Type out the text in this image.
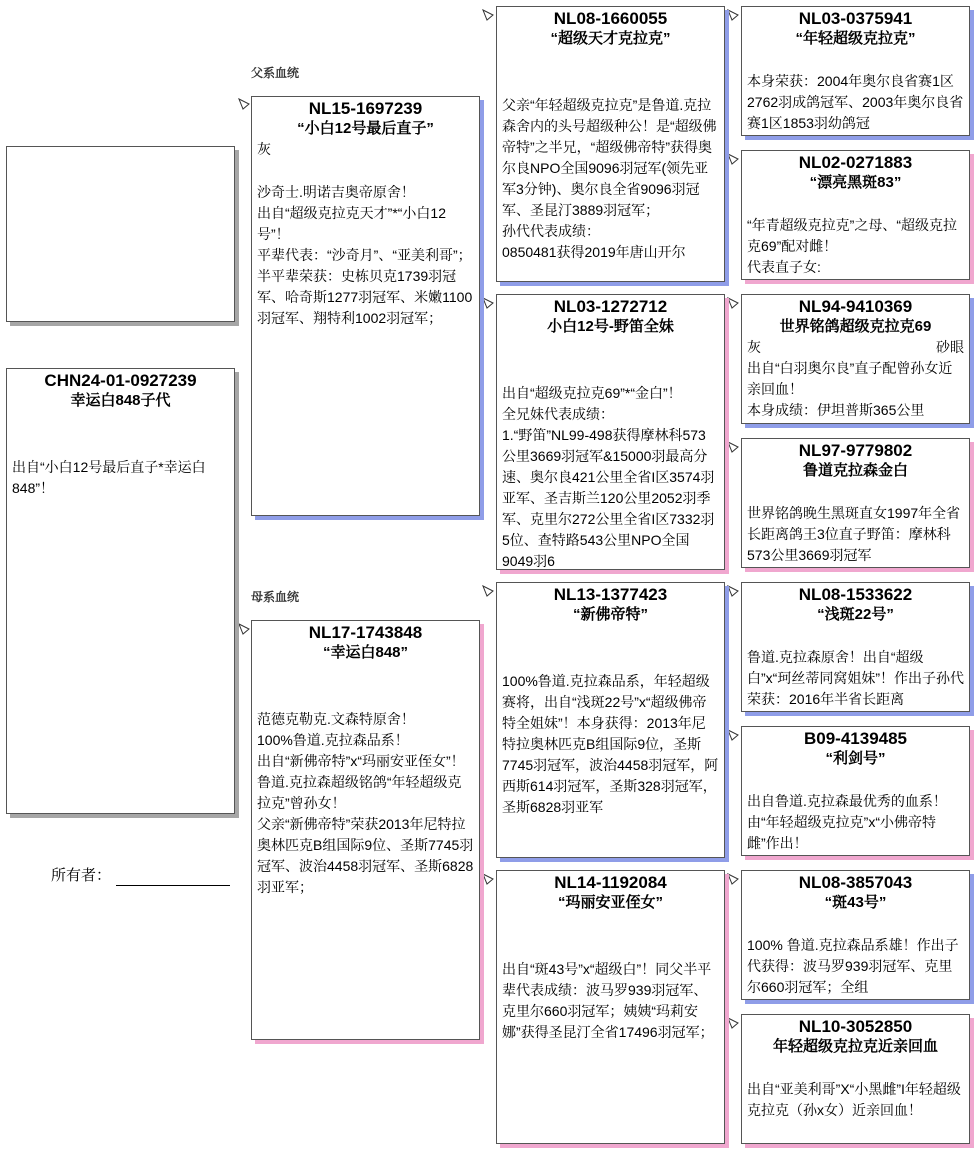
CHN24-01-0927239
幸运白848子代
出自“小白12号最后直子*幸运白848”！
所有者：
父系血统
母系血统
NL15-1697239
“小白12号最后直子”
灰
沙奇士.明诺吉奥帝原舍！
出自“超级克拉克天才”*“小白12号”！
平辈代表：“沙奇月”、“亚美利哥”；
半平辈荣获：史栋贝克1739羽冠军、哈奇斯1277羽冠军、米嫩1100羽冠军、翔特利1002羽冠军；
NL17-1743848
“幸运白848”
范德克勒克.文森特原舍！
100%鲁道.克拉森品系！
出自“新佛帝特”x“玛丽安亚侄女”！
鲁道.克拉森超级铭鸽“年轻超级克拉克”曾孙女！
父亲“新佛帝特”荣获2013年尼特拉奥林匹克B组国际9位、圣斯7745羽冠军、波治4458羽冠军、圣斯6828羽亚军；
NL08-1660055
“超级天才克拉克”
父亲“年轻超级克拉克”是鲁道.克拉森舍内的头号超级种公！是“超级佛帝特”之半兄，“超级佛帝特”获得奥尔良NPO全国9096羽冠军(领先亚军3分钟)、奥尔良全省9096羽冠军、圣昆汀3889羽冠军；
孙代代表成绩：
0850481获得2019年唐山开尔
NL03-1272712
小白12号-野笛全妹
出自“超级克拉克69”*“金白”！
全兄妹代表成绩：
1.“野笛”NL99-498获得摩林科573公里3669羽冠军&15000羽最高分速、奥尔良421公里全省I区3574羽亚军、圣吉斯兰120公里2052羽季军、克里尔272公里全省I区7332羽5位、查特路543公里NPO全国9049羽6
NL13-1377423
“新佛帝特”
100%鲁道.克拉森品系，年轻超级赛将，出自“浅斑22号”x“超级佛帝特全姐妹”！本身获得：2013年尼特拉奥林匹克B组国际9位，圣斯7745羽冠军，波治4458羽冠军，阿西斯614羽冠军，圣斯328羽冠军，圣斯6828羽亚军
NL14-1192084
“玛丽安亚侄女”
出自“斑43号”x“超级白”！同父半平辈代表成绩：波马罗939羽冠军、克里尔660羽冠军；姨姨“玛莉安娜”获得圣昆汀全省17496羽冠军；
NL03-0375941
“年轻超级克拉克”
本身荣获：2004年奥尔良省赛1区2762羽成鸽冠军、2003年奥尔良省赛1区1853羽幼鸽冠
NL02-0271883
“漂亮黑斑83”
“年青超级克拉克”之母、“超级克拉克69”配对雌！
代表直子女:
NL94-9410369
世界铭鸽超级克拉克69
灰	砂眼
出自“白羽奥尔良”直子配曾孙女近亲回血！
本身成绩：伊坦普斯365公里
NL97-9779802
鲁道克拉森金白
世界铭鸽晚生黑斑直女1997年全省长距离鸽王3位直子野笛：摩林科573公里3669羽冠军
NL08-1533622
“浅斑22号”
鲁道.克拉森原舍！出自“超级白”x“珂丝蒂同窝姐妹”！作出子孙代荣获：2016年半省长距离
B09-4139485
“利剑号”
出自鲁道.克拉森最优秀的血系！由“年轻超级克拉克”x“小佛帝特雌”作出！
NL08-3857043
“斑43号”
100% 鲁道.克拉森品系雄！作出子代获得：波马罗939羽冠军、克里尔660羽冠军；全组
NL10-3052850
年轻超级克拉克近亲回血
出自“亚美利哥”X“小黑雌”I年轻超级克拉克（孙x女）近亲回血！
